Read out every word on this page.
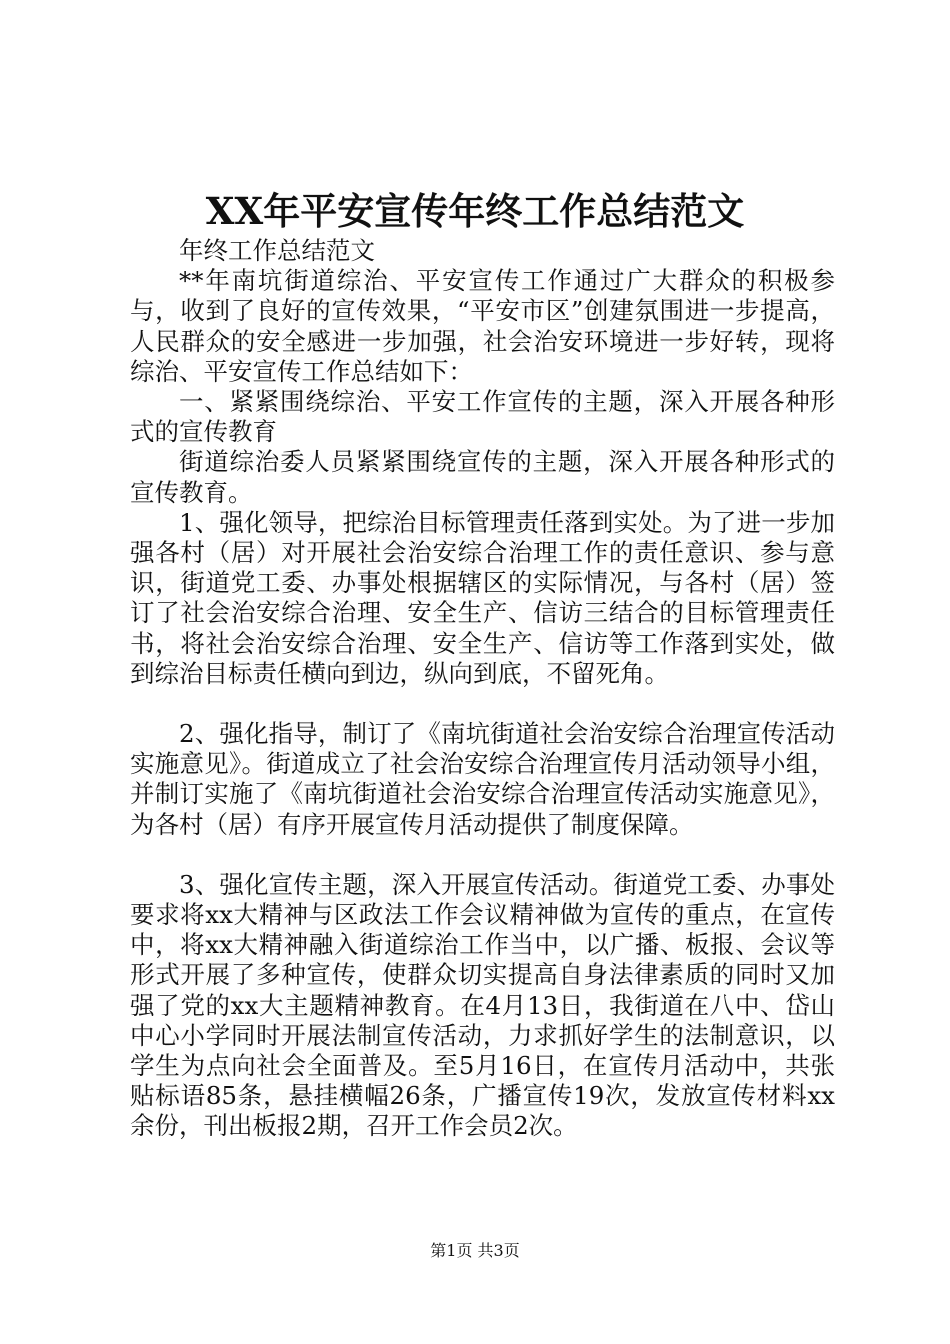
XX年平安宣传年终工作总结范文

年终工作总结范文

**年南坑街道综治、平安宣传工作通过广大群众的积极参与，收到了良好的宣传效果，“平安市区”创建氛围进一步提高，人民群众的安全感进一步加强，社会治安环境进一步好转，现将综治、平安宣传工作总结如下：

一、紧紧围绕综治、平安工作宣传的主题，深入开展各种形式的宣传教育

街道综治委人员紧紧围绕宣传的主题，深入开展各种形式的宣传教育。

1、强化领导，把综治目标管理责任落到实处。为了进一步加强各村（居）对开展社会治安综合治理工作的责任意识、参与意识，街道党工委、办事处根据辖区的实际情况，与各村（居）签订了社会治安综合治理、安全生产、信访三结合的目标管理责任书，将社会治安综合治理、安全生产、信访等工作落到实处，做到综治目标责任横向到边，纵向到底，不留死角。

2、强化指导，制订了《南坑街道社会治安综合治理宣传活动实施意见》。街道成立了社会治安综合治理宣传月活动领导小组，并制订实施了《南坑街道社会治安综合治理宣传活动实施意见》，为各村（居）有序开展宣传月活动提供了制度保障。

3、强化宣传主题，深入开展宣传活动。街道党工委、办事处要求将xx大精神与区政法工作会议精神做为宣传的重点，在宣传中，将xx大精神融入街道综治工作当中，以广播、板报、会议等形式开展了多种宣传，使群众切实提高自身法律素质的同时又加强了党的xx大主题精神教育。在4月13日，我街道在八中、岱山中心小学同时开展法制宣传活动，力求抓好学生的法制意识，以学生为点向社会全面普及。至5月16日，在宣传月活动中，共张贴标语85条，悬挂横幅26条，广播宣传19次，发放宣传材料xx余份，刊出板报2期，召开工作会员2次。

第1页 共3页
